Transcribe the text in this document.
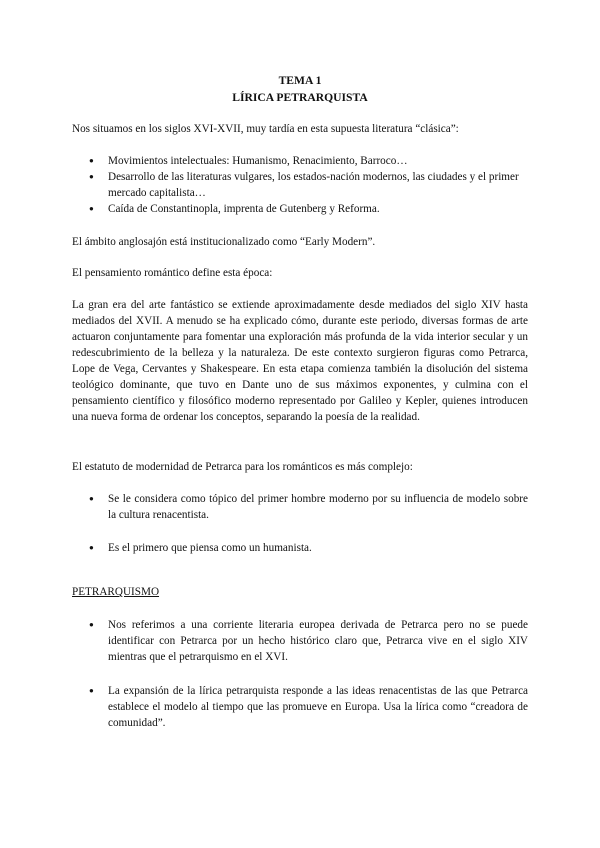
TEMA 1
LÍRICA PETRARQUISTA

Nos situamos en los siglos XVI-XVII, muy tardía en esta supuesta literatura “clásica”:

● Movimientos intelectuales: Humanismo, Renacimiento, Barroco…
● Desarrollo de las literaturas vulgares, los estados-nación modernos, las ciudades y el primer mercado capitalista…
● Caída de Constantinopla, imprenta de Gutenberg y Reforma.

El ámbito anglosajón está institucionalizado como “Early Modern”.

El pensamiento romántico define esta época:

La gran era del arte fantástico se extiende aproximadamente desde mediados del siglo XIV hasta mediados del XVII. A menudo se ha explicado cómo, durante este periodo, diversas formas de arte actuaron conjuntamente para fomentar una exploración más profunda de la vida interior secular y un redescubrimiento de la belleza y la naturaleza. De este contexto surgieron figuras como Petrarca, Lope de Vega, Cervantes y Shakespeare. En esta etapa comienza también la disolución del sistema teológico dominante, que tuvo en Dante uno de sus máximos exponentes, y culmina con el pensamiento científico y filosófico moderno representado por Galileo y Kepler, quienes introducen una nueva forma de ordenar los conceptos, separando la poesía de la realidad.

El estatuto de modernidad de Petrarca para los románticos es más complejo:

● Se le considera como tópico del primer hombre moderno por su influencia de modelo sobre la cultura renacentista.
● Es el primero que piensa como un humanista.
PETRARQUISMO
● Nos referimos a una corriente literaria europea derivada de Petrarca pero no se puede identificar con Petrarca por un hecho histórico claro que, Petrarca vive en el siglo XIV mientras que el petrarquismo en el XVI.
● La expansión de la lírica petrarquista responde a las ideas renacentistas de las que Petrarca establece el modelo al tiempo que las promueve en Europa. Usa la lírica como “creadora de comunidad”.
